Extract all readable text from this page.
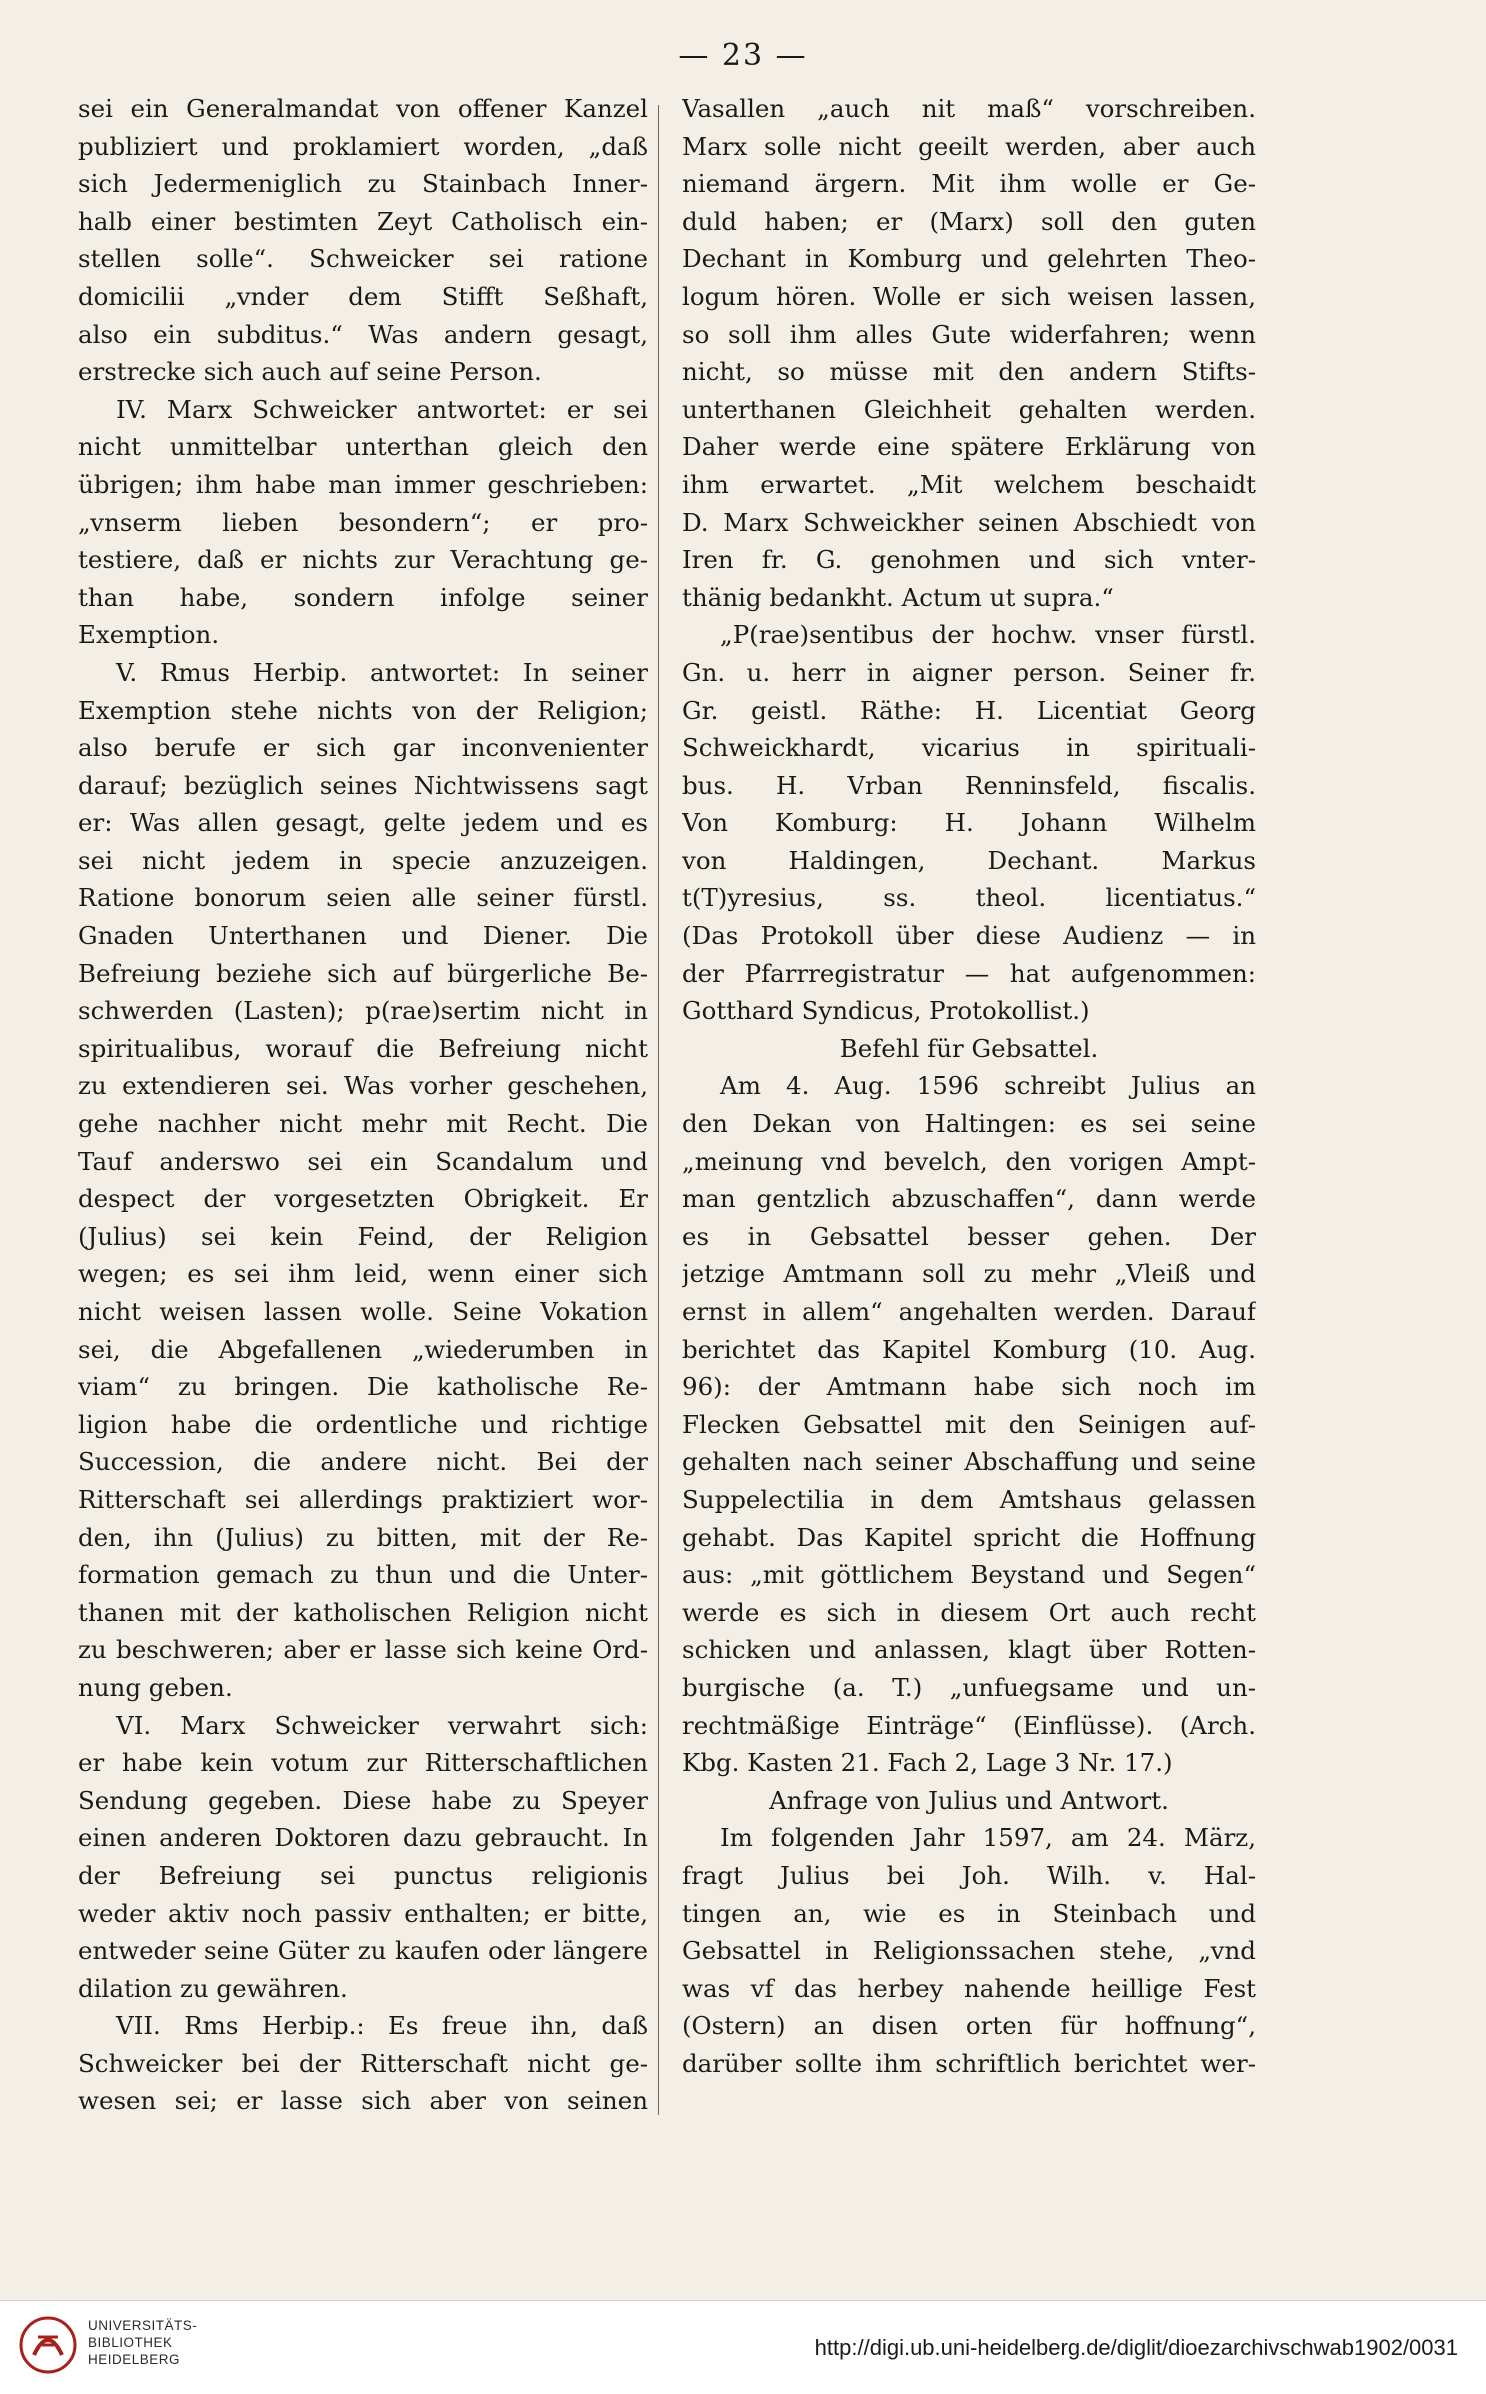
— 23 —
sei ein Generalmandat von offener Kanzel
publiziert und proklamiert worden, „daß
sich Jedermeniglich zu Stainbach Inner-
halb einer bestimten Zeyt Catholisch ein-
stellen solle“. Schweicker sei ratione
domicilii „vnder dem Stifft Seßhaft,
also ein subditus.“ Was andern gesagt,
erstrecke sich auch auf seine Person.
IV. Marx Schweicker antwortet: er sei
nicht unmittelbar unterthan gleich den
übrigen; ihm habe man immer geschrieben:
„vnserm lieben besondern“; er pro-
testiere, daß er nichts zur Verachtung ge-
than habe, sondern infolge seiner
Exemption.
V. Rmus Herbip. antwortet: In seiner
Exemption stehe nichts von der Religion;
also berufe er sich gar inconvenienter
darauf; bezüglich seines Nichtwissens sagt
er: Was allen gesagt, gelte jedem und es
sei nicht jedem in specie anzuzeigen.
Ratione bonorum seien alle seiner fürstl.
Gnaden Unterthanen und Diener. Die
Befreiung beziehe sich auf bürgerliche Be-
schwerden (Lasten); p(rae)sertim nicht in
spiritualibus, worauf die Befreiung nicht
zu extendieren sei. Was vorher geschehen,
gehe nachher nicht mehr mit Recht. Die
Tauf anderswo sei ein Scandalum und
despect der vorgesetzten Obrigkeit. Er
(Julius) sei kein Feind, der Religion
wegen; es sei ihm leid, wenn einer sich
nicht weisen lassen wolle. Seine Vokation
sei, die Abgefallenen „wiederumben in
viam“ zu bringen. Die katholische Re-
ligion habe die ordentliche und richtige
Succession, die andere nicht. Bei der
Ritterschaft sei allerdings praktiziert wor-
den, ihn (Julius) zu bitten, mit der Re-
formation gemach zu thun und die Unter-
thanen mit der katholischen Religion nicht
zu beschweren; aber er lasse sich keine Ord-
nung geben.
VI. Marx Schweicker verwahrt sich:
er habe kein votum zur Ritterschaftlichen
Sendung gegeben. Diese habe zu Speyer
einen anderen Doktoren dazu gebraucht. In
der Befreiung sei punctus religionis
weder aktiv noch passiv enthalten; er bitte,
entweder seine Güter zu kaufen oder längere
dilation zu gewähren.
VII. Rms Herbip.: Es freue ihn, daß
Schweicker bei der Ritterschaft nicht ge-
wesen sei; er lasse sich aber von seinen
Vasallen „auch nit maß“ vorschreiben.
Marx solle nicht geeilt werden, aber auch
niemand ärgern. Mit ihm wolle er Ge-
duld haben; er (Marx) soll den guten
Dechant in Komburg und gelehrten Theo-
logum hören. Wolle er sich weisen lassen,
so soll ihm alles Gute widerfahren; wenn
nicht, so müsse mit den andern Stifts-
unterthanen Gleichheit gehalten werden.
Daher werde eine spätere Erklärung von
ihm erwartet. „Mit welchem beschaidt
D. Marx Schweickher seinen Abschiedt von
Iren fr. G. genohmen und sich vnter-
thänig bedankht. Actum ut supra.“
„P(rae)sentibus der hochw. vnser fürstl.
Gn. u. herr in aigner person. Seiner fr.
Gr. geistl. Räthe: H. Licentiat Georg
Schweickhardt, vicarius in spirituali-
bus. H. Vrban Renninsfeld, fiscalis.
Von Komburg: H. Johann Wilhelm
von Haldingen, Dechant. Markus
t(T)yresius, ss. theol. licentiatus.“
(Das Protokoll über diese Audienz — in
der Pfarrregistratur — hat aufgenommen:
Gotthard Syndicus, Protokollist.)
Befehl für Gebsattel.
Am 4. Aug. 1596 schreibt Julius an
den Dekan von Haltingen: es sei seine
„meinung vnd bevelch, den vorigen Ampt-
man gentzlich abzuschaffen“, dann werde
es in Gebsattel besser gehen. Der
jetzige Amtmann soll zu mehr „Vleiß und
ernst in allem“ angehalten werden. Darauf
berichtet das Kapitel Komburg (10. Aug.
96): der Amtmann habe sich noch im
Flecken Gebsattel mit den Seinigen auf-
gehalten nach seiner Abschaffung und seine
Suppelectilia in dem Amtshaus gelassen
gehabt. Das Kapitel spricht die Hoffnung
aus: „mit göttlichem Beystand und Segen“
werde es sich in diesem Ort auch recht
schicken und anlassen, klagt über Rotten-
burgische (a. T.) „unfuegsame und un-
rechtmäßige Einträge“ (Einflüsse). (Arch.
Kbg. Kasten 21. Fach 2, Lage 3 Nr. 17.)
Anfrage von Julius und Antwort.
Im folgenden Jahr 1597, am 24. März,
fragt Julius bei Joh. Wilh. v. Hal-
tingen an, wie es in Steinbach und
Gebsattel in Religionssachen stehe, „vnd
was vf das herbey nahende heillige Fest
(Ostern) an disen orten für hoffnung“,
darüber sollte ihm schriftlich berichtet wer-
UNIVERSITÄTS-
BIBLIOTHEK
HEIDELBERG	http://digi.ub.uni-heidelberg.de/diglit/dioezarchivschwab1902/0031
